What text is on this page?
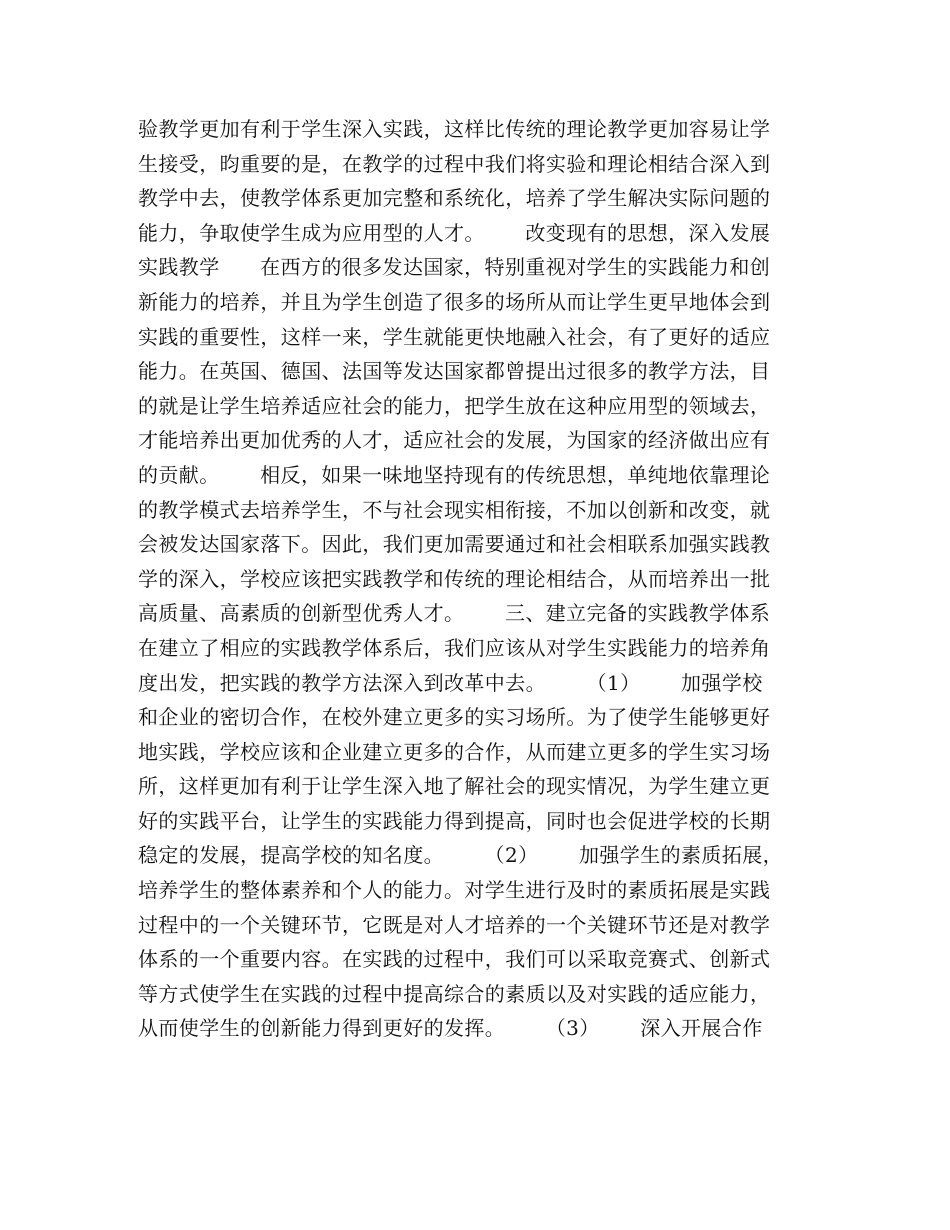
验教学更加有利于学生深入实践，这样比传统的理论教学更加容易让学
生接受，昀重要的是，在教学的过程中我们将实验和理论相结合深入到
教学中去，使教学体系更加完整和系统化，培养了学生解决实际问题的
能力，争取使学生成为应用型的人才。      改变现有的思想，深入发展
实践教学      在西方的很多发达国家，特别重视对学生的实践能力和创
新能力的培养，并且为学生创造了很多的场所从而让学生更早地体会到
实践的重要性，这样一来，学生就能更快地融入社会，有了更好的适应
能力。在英国、德国、法国等发达国家都曾提出过很多的教学方法，目
的就是让学生培养适应社会的能力，把学生放在这种应用型的领域去，
才能培养出更加优秀的人才，适应社会的发展，为国家的经济做出应有
的贡献。      相反，如果一味地坚持现有的传统思想，单纯地依靠理论
的教学模式去培养学生，不与社会现实相衔接，不加以创新和改变，就
会被发达国家落下。因此，我们更加需要通过和社会相联系加强实践教
学的深入，学校应该把实践教学和传统的理论相结合，从而培养出一批
高质量、高素质的创新型优秀人才。      三、建立完备的实践教学体系
在建立了相应的实践教学体系后，我们应该从对学生实践能力的培养角
度出发，把实践的教学方法深入到改革中去。      （1）      加强学校
和企业的密切合作，在校外建立更多的实习场所。为了使学生能够更好
地实践，学校应该和企业建立更多的合作，从而建立更多的学生实习场
所，这样更加有利于让学生深入地了解社会的现实情况，为学生建立更
好的实践平台，让学生的实践能力得到提高，同时也会促进学校的长期
稳定的发展，提高学校的知名度。      （2）      加强学生的素质拓展，
培养学生的整体素养和个人的能力。对学生进行及时的素质拓展是实践
过程中的一个关键环节，它既是对人才培养的一个关键环节还是对教学
体系的一个重要内容。在实践的过程中，我们可以采取竞赛式、创新式
等方式使学生在实践的过程中提高综合的素质以及对实践的适应能力，
从而使学生的创新能力得到更好的发挥。      （3）      深入开展合作
